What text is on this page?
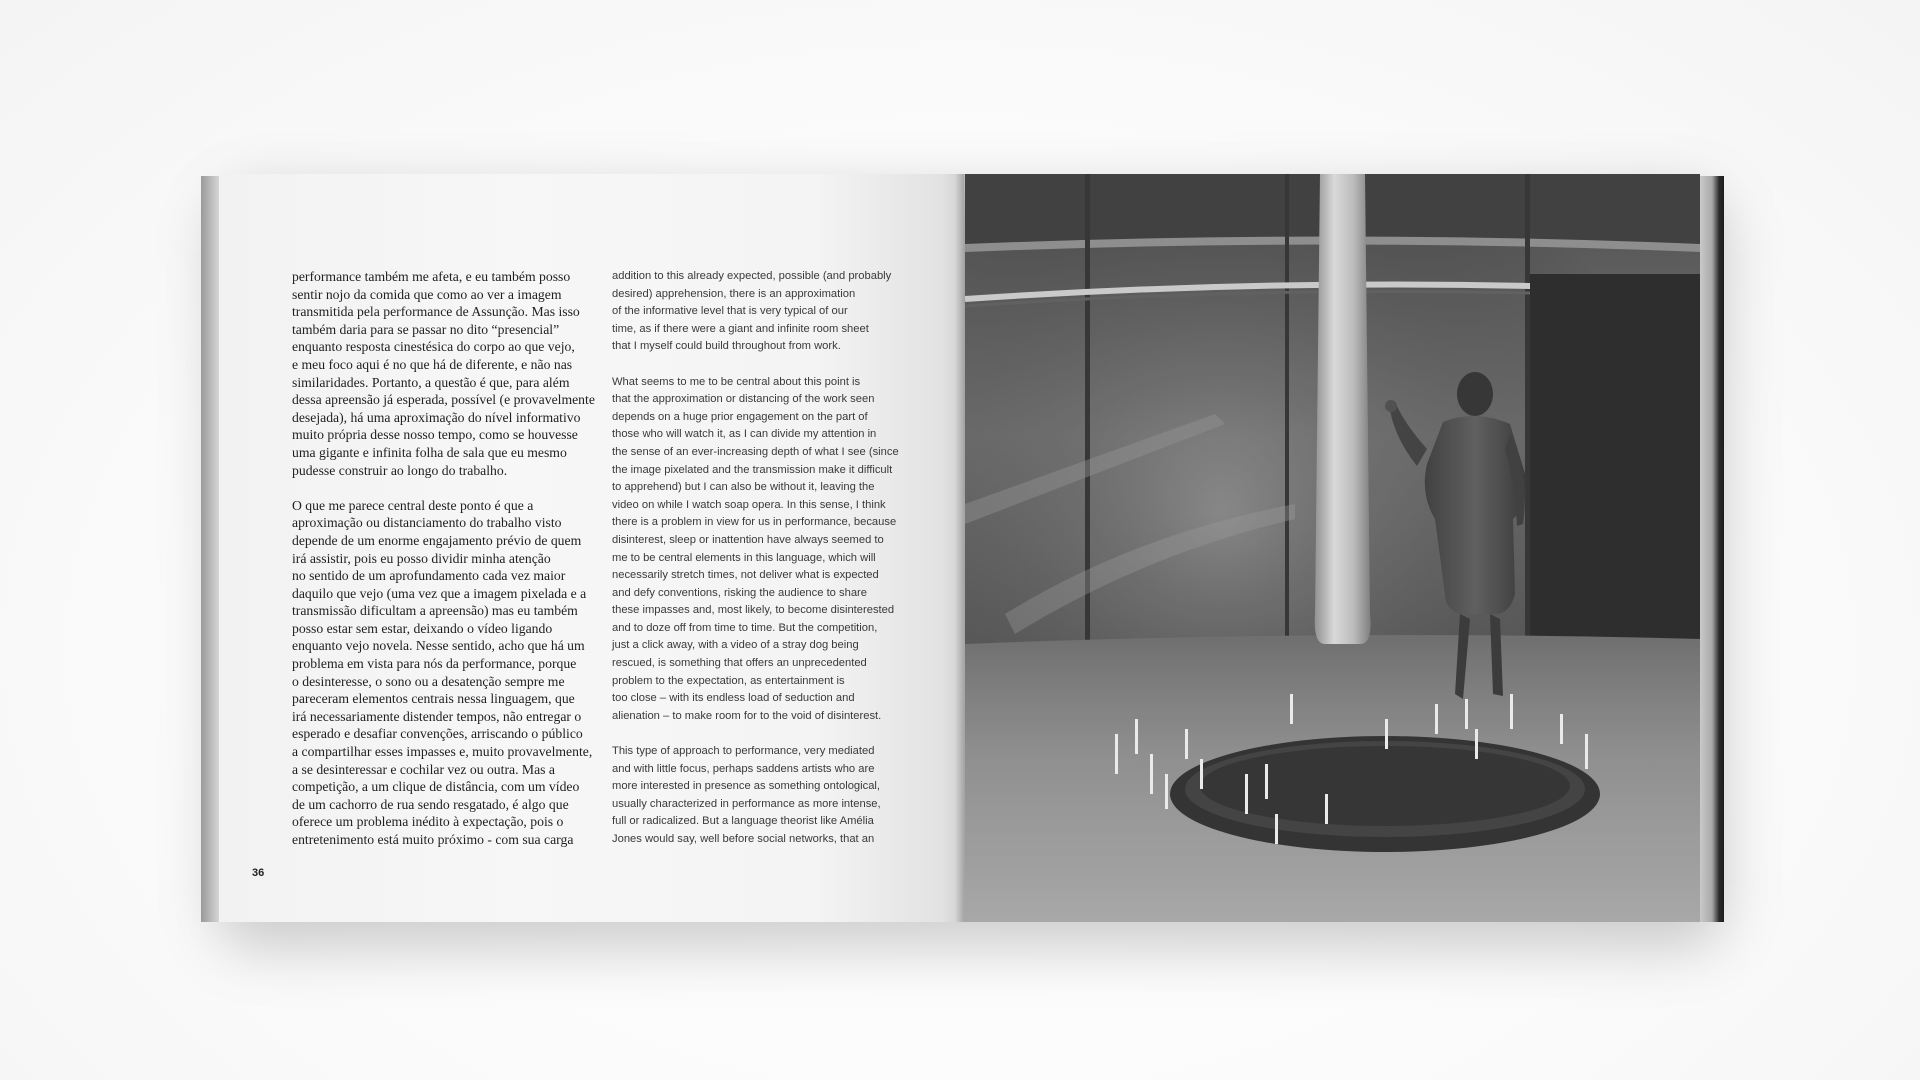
performance também me afeta, e eu também posso
sentir nojo da comida que como ao ver a imagem
transmitida pela performance de Assunção. Mas isso
também daria para se passar no dito “presencial”
enquanto resposta cinestésica do corpo ao que vejo,
e meu foco aqui é no que há de diferente, e não nas
similaridades. Portanto, a questão é que, para além
dessa apreensão já esperada, possível (e provavelmente
desejada), há uma aproximação do nível informativo
muito própria desse nosso tempo, como se houvesse
uma gigante e infinita folha de sala que eu mesmo
pudesse construir ao longo do trabalho.

O que me parece central deste ponto é que a
aproximação ou distanciamento do trabalho visto
depende de um enorme engajamento prévio de quem
irá assistir, pois eu posso dividir minha atenção
no sentido de um aprofundamento cada vez maior
daquilo que vejo (uma vez que a imagem pixelada e a
transmissão dificultam a apreensão) mas eu também
posso estar sem estar, deixando o vídeo ligando
enquanto vejo novela. Nesse sentido, acho que há um
problema em vista para nós da performance, porque
o desinteresse, o sono ou a desatenção sempre me
pareceram elementos centrais nessa linguagem, que
irá necessariamente distender tempos, não entregar o
esperado e desafiar convenções, arriscando o público
a compartilhar esses impasses e, muito provavelmente,
a se desinteressar e cochilar vez ou outra. Mas a
competição, a um clique de distância, com um vídeo
de um cachorro de rua sendo resgatado, é algo que
oferece um problema inédito à expectação, pois o
entretenimento está muito próximo - com sua carga

addition to this already expected, possible (and probably
desired) apprehension, there is an approximation
of the informative level that is very typical of our
time, as if there were a giant and infinite room sheet
that I myself could build throughout from work.

What seems to me to be central about this point is
that the approximation or distancing of the work seen
depends on a huge prior engagement on the part of
those who will watch it, as I can divide my attention in
the sense of an ever-increasing depth of what I see (since
the image pixelated and the transmission make it difficult
to apprehend) but I can also be without it, leaving the
video on while I watch soap opera. In this sense, I think
there is a problem in view for us in performance, because
disinterest, sleep or inattention have always seemed to
me to be central elements in this language, which will
necessarily stretch times, not deliver what is expected
and defy conventions, risking the audience to share
these impasses and, most likely, to become disinterested
and to doze off from time to time. But the competition,
just a click away, with a video of a stray dog being
rescued, is something that offers an unprecedented
problem to the expectation, as entertainment is
too close – with its endless load of seduction and
alienation – to make room for to the void of disinterest.

This type of approach to performance, very mediated
and with little focus, perhaps saddens artists who are
more interested in presence as something ontological,
usually characterized in performance as more intense,
full or radicalized. But a language theorist like Amélia
Jones would say, well before social networks, that an

36
